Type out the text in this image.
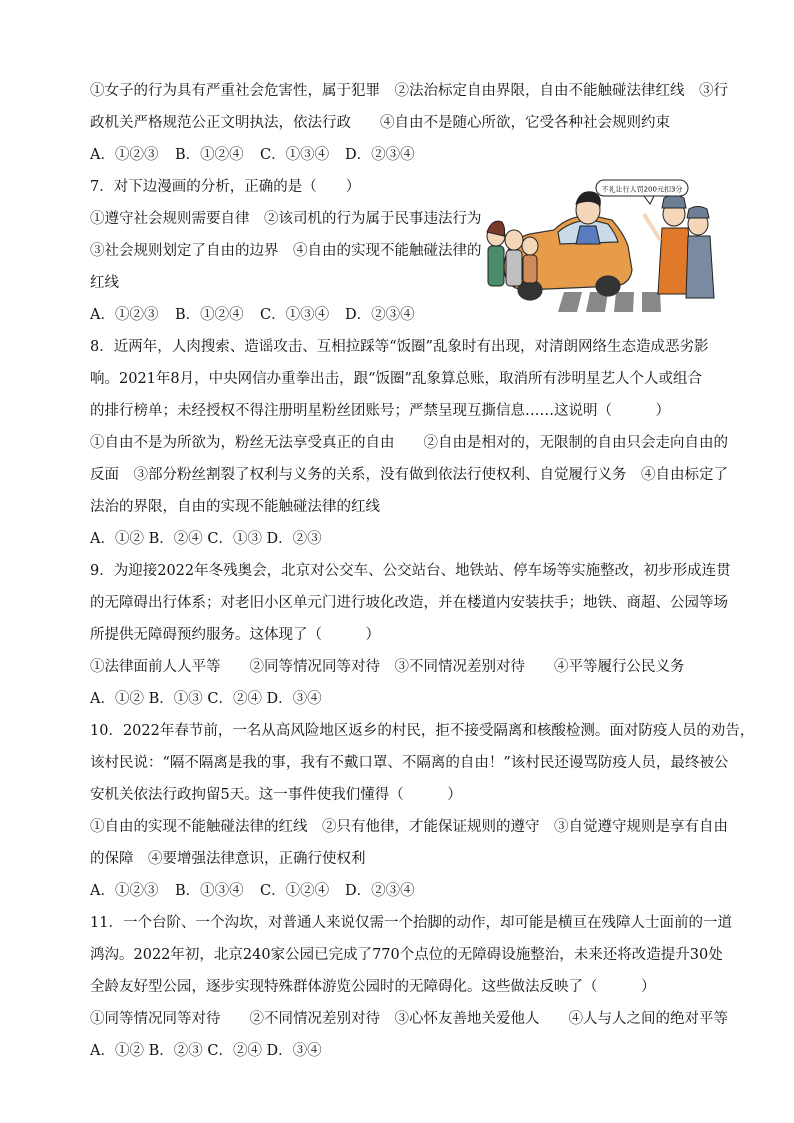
①女子的行为具有严重社会危害性，属于犯罪　②法治标定自由界限，自由不能触碰法律红线　③行
政机关严格规范公正文明执法，依法行政　　④自由不是随心所欲，它受各种社会规则约束
A．①②③ B．①②④ C．①③④ D．②③④
7．对下边漫画的分析，正确的是（　　）
①遵守社会规则需要自律　②该司机的行为属于民事违法行为
③社会规则划定了自由的边界　④自由的实现不能触碰法律的
红线
A．①②③ B．①②④ C．①③④ D．②③④
不礼让行人罚200元扣3分
8．近两年，人肉搜索、造谣攻击、互相拉踩等“饭圈”乱象时有出现，对清朗网络生态造成恶劣影
响。2021年8月，中央网信办重拳出击，跟“饭圈”乱象算总账，取消所有涉明星艺人个人或组合
的排行榜单；未经授权不得注册明星粉丝团账号；严禁呈现互撕信息……这说明（　　　）
①自由不是为所欲为，粉丝无法享受真正的自由　　②自由是相对的，无限制的自由只会走向自由的
反面　③部分粉丝割裂了权利与义务的关系，没有做到依法行使权利、自觉履行义务　④自由标定了
法治的界限，自由的实现不能触碰法律的红线
A．①② B．②④ C．①③ D．②③
9．为迎接2022年冬残奥会，北京对公交车、公交站台、地铁站、停车场等实施整改，初步形成连贯
的无障碍出行体系；对老旧小区单元门进行坡化改造，并在楼道内安装扶手；地铁、商超、公园等场
所提供无障碍预约服务。这体现了（　　　）
①法律面前人人平等　　②同等情况同等对待　③不同情况差别对待　　④平等履行公民义务
A．①② B．①③ C．②④ D．③④
10．2022年春节前，一名从高风险地区返乡的村民，拒不接受隔离和核酸检测。面对防疫人员的劝告，
该村民说：“隔不隔离是我的事，我有不戴口罩、不隔离的自由！”该村民还谩骂防疫人员，最终被公
安机关依法行政拘留5天。这一事件使我们懂得（　　　）
①自由的实现不能触碰法律的红线　②只有他律，才能保证规则的遵守　③自觉遵守规则是享有自由
的保障　④要增强法律意识，正确行使权利
A．①②③ B．①③④ C．①②④ D．②③④
11．一个台阶、一个沟坎，对普通人来说仅需一个抬脚的动作，却可能是横亘在残障人士面前的一道
鸿沟。2022年初，北京240家公园已完成了770个点位的无障碍设施整治，未来还将改造提升30处
全龄友好型公园，逐步实现特殊群体游览公园时的无障碍化。这些做法反映了（　　　）
①同等情况同等对待　　②不同情况差别对待　③心怀友善地关爱他人　　④人与人之间的绝对平等
A．①② B．②③ C．②④ D．③④
